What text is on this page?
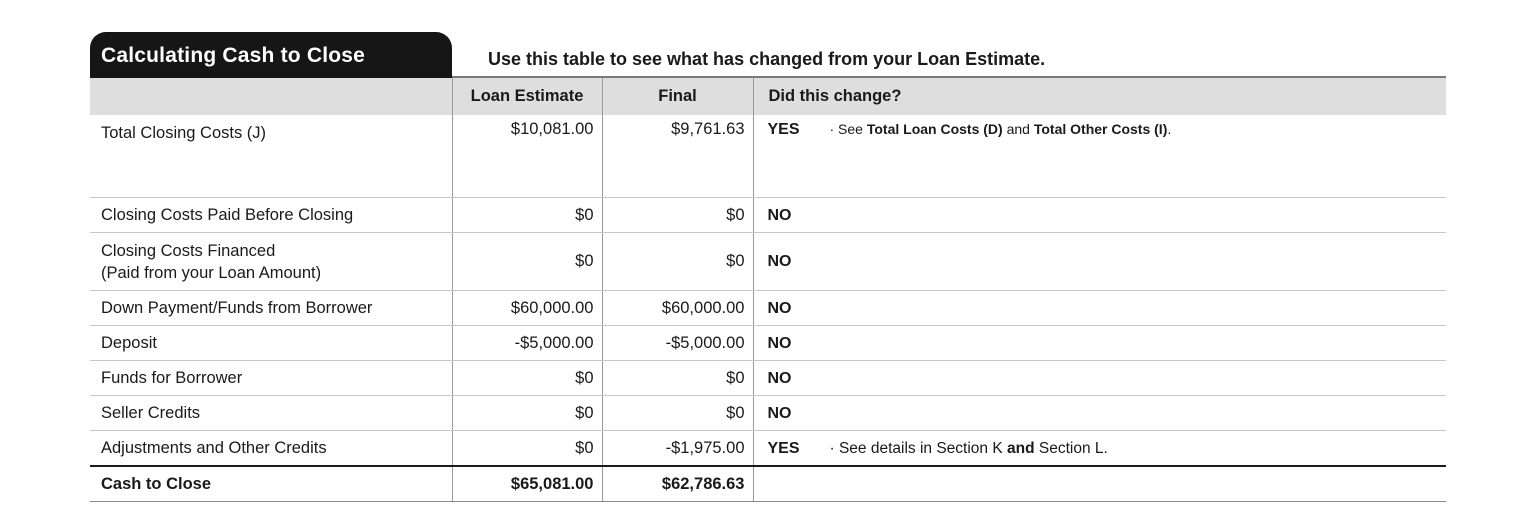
Calculating Cash to Close	Use this table to see what has changed from your Loan Estimate.
	Loan Estimate	Final	Did this change?
Total Closing Costs (J)	$10,081.00	$9,761.63	YES · See Total Loan Costs (D) and Total Other Costs (I).
Closing Costs Paid Before Closing	$0	$0	NO

Closing Costs Financed
(Paid from your Loan Amount)	$0	$0	NO
Down Payment/Funds from Borrower	$60,000.00	$60,000.00	NO
Deposit	-$5,000.00	-$5,000.00	NO
Funds for Borrower	$0	$0	NO
Seller Credits	$0	$0	NO
Adjustments and Other Credits	$0	-$1,975.00	YES · See details in Section K and Section L.
Cash to Close	$65,081.00	$62,786.63	
